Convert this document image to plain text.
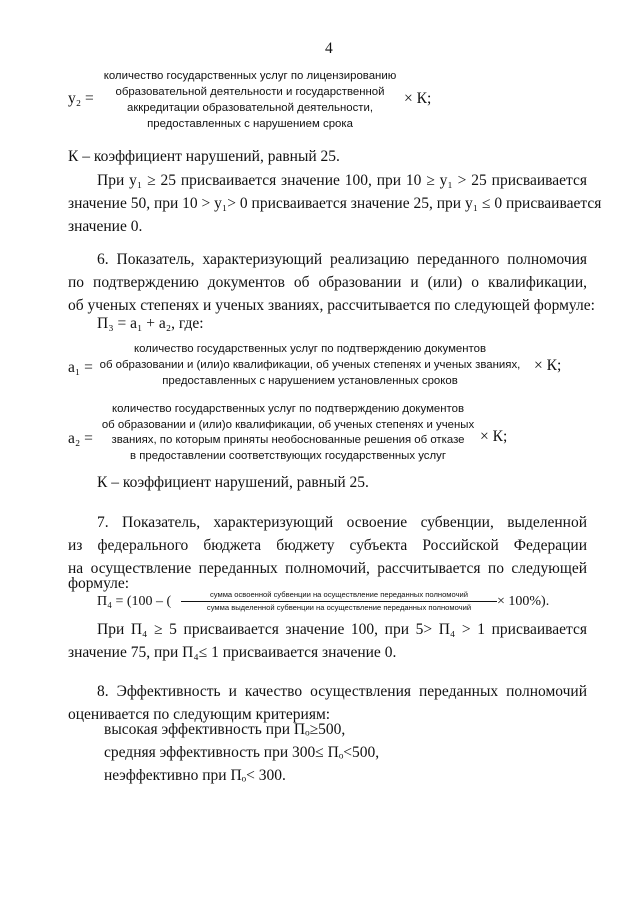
4
y₂ =
количество государственных услуг по лицензированию
образовательной деятельности и государственной
аккредитации образовательной деятельности,
предоставленных с нарушением срока
× К;
К – коэффициент нарушений, равный 25.
При y₁ ≥ 25 присваивается значение 100, при 10 ≥ y₁ > 25 присваивается
значение 50, при 10 > y₁> 0 присваивается значение 25, при y₁ ≤ 0 присваивается
значение 0.
6. Показатель, характеризующий реализацию переданного полномочия
по подтверждению документов об образовании и (или) о квалификации,
об ученых степенях и ученых званиях, рассчитывается по следующей формуле:
П₃ = a₁ + a₂, где:
a₁ =
количество государственных услуг по подтверждению документов
об образовании и (или)о квалификации, об ученых степенях и ученых званиях,
предоставленных с нарушением установленных сроков
× К;
a₂ =
количество государственных услуг по подтверждению документов
об образовании и (или)о квалификации, об ученых степенях и ученых
званиях, по которым приняты необоснованные решения об отказе
в предоставлении соответствующих государственных услуг
× К;
К – коэффициент нарушений, равный 25.
7. Показатель, характеризующий освоение субвенции, выделенной
из федерального бюджета бюджету субъекта Российской Федерации
на осуществление переданных полномочий, рассчитывается по следующей
формуле:
П₄ = (100 – (	сумма освоенной субвенции на осуществление переданных полномочий
сумма выделенной субвенции на осуществление переданных полномочий	× 100%).
При П₄ ≥ 5 присваивается значение 100, при 5> П₄ > 1 присваивается
значение 75, при П₄≤ 1 присваивается значение 0.
8. Эффективность и качество осуществления переданных полномочий
оценивается по следующим критериям:
высокая эффективность при Пₒ≥500,
средняя эффективность при 300≤ Пₒ<500,
неэффективно при Пₒ< 300.
